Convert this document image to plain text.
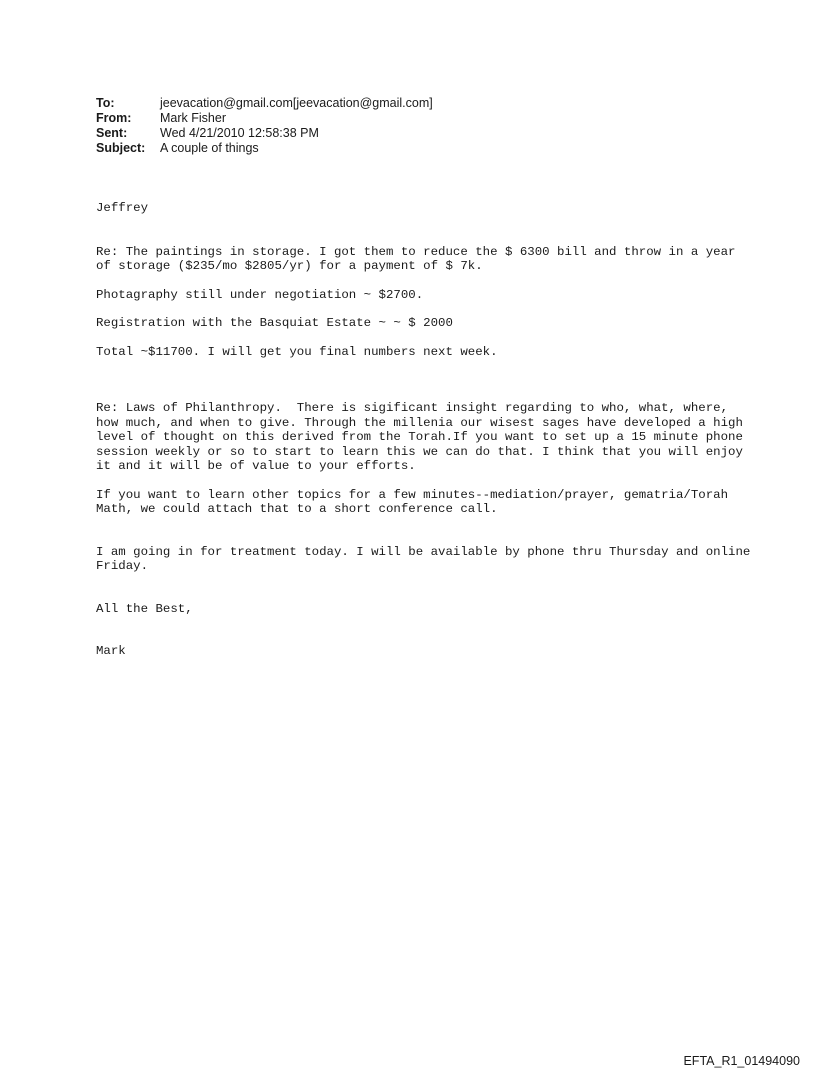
To:	jeevacation@gmail.com[jeevacation@gmail.com]
From:	Mark Fisher
Sent:	Wed 4/21/2010 12:58:38 PM
Subject:	A couple of things

Jeffrey

Re: The paintings in storage. I got them to reduce the $ 6300 bill and throw in a year of storage ($235/mo $2805/yr) for a payment of $ 7k.

Photagraphy still under negotiation ~ $2700.

Registration with the Basquiat Estate ~ ~ $ 2000

Total ~$11700. I will get you final numbers next week.

Re: Laws of Philanthropy.  There is sigificant insight regarding to who, what, where, how much, and when to give. Through the millenia our wisest sages have developed a high level of thought on this derived from the Torah.If you want to set up a 15 minute phone session weekly or so to start to learn this we can do that. I think that you will enjoy it and it will be of value to your efforts.

If you want to learn other topics for a few minutes--mediation/prayer, gematria/Torah Math, we could attach that to a short conference call.

I am going in for treatment today. I will be available by phone thru Thursday and online Friday.

All the Best,

Mark

EFTA_R1_01494090
